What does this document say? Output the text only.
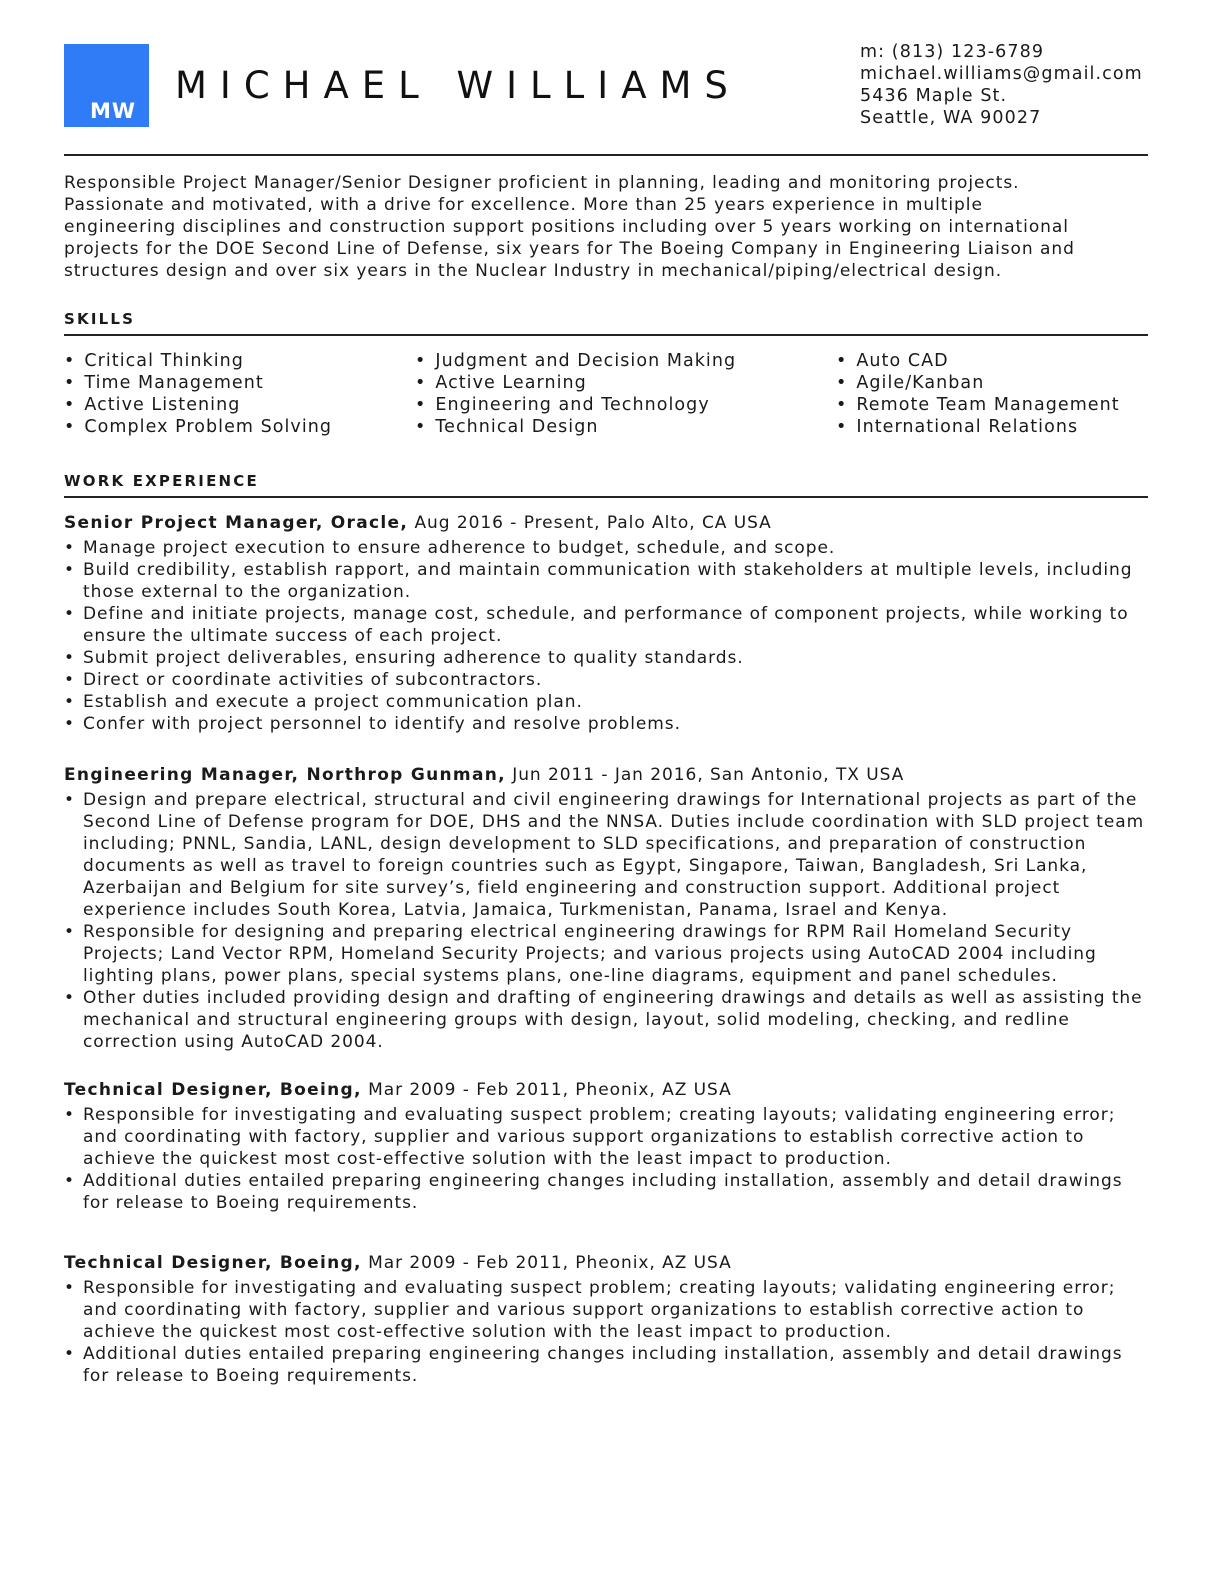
MW
MICHAEL WILLIAMS
m: (813) 123-6789
michael.williams@gmail.com
5436 Maple St.
Seattle, WA 90027
Responsible Project Manager/Senior Designer proficient in planning, leading and monitoring projects.
Passionate and motivated, with a drive for excellence. More than 25 years experience in multiple
engineering disciplines and construction support positions including over 5 years working on international
projects for the DOE Second Line of Defense, six years for The Boeing Company in Engineering Liaison and
structures design and over six years in the Nuclear Industry in mechanical/piping/electrical design.
SKILLS
• Critical Thinking
• Time Management
• Active Listening
• Complex Problem Solving
• Judgment and Decision Making
• Active Learning
• Engineering and Technology
• Technical Design
• Auto CAD
• Agile/Kanban
• Remote Team Management
• International Relations
WORK EXPERIENCE
Senior Project Manager, Oracle, Aug 2016 - Present, Palo Alto, CA USA
• Manage project execution to ensure adherence to budget, schedule, and scope.
• Build credibility, establish rapport, and maintain communication with stakeholders at multiple levels, including those external to the organization.
• Define and initiate projects, manage cost, schedule, and performance of component projects, while working to ensure the ultimate success of each project.
• Submit project deliverables, ensuring adherence to quality standards.
• Direct or coordinate activities of subcontractors.
• Establish and execute a project communication plan.
• Confer with project personnel to identify and resolve problems.
Engineering Manager, Northrop Gunman, Jun 2011 - Jan 2016, San Antonio, TX USA
• Design and prepare electrical, structural and civil engineering drawings for International projects as part of the Second Line of Defense program for DOE, DHS and the NNSA. Duties include coordination with SLD project team including; PNNL, Sandia, LANL, design development to SLD specifications, and preparation of construction documents as well as travel to foreign countries such as Egypt, Singapore, Taiwan, Bangladesh, Sri Lanka, Azerbaijan and Belgium for site survey’s, field engineering and construction support. Additional project experience includes South Korea, Latvia, Jamaica, Turkmenistan, Panama, Israel and Kenya.
• Responsible for designing and preparing electrical engineering drawings for RPM Rail Homeland Security Projects; Land Vector RPM, Homeland Security Projects; and various projects using AutoCAD 2004 including lighting plans, power plans, special systems plans, one-line diagrams, equipment and panel schedules.
• Other duties included providing design and drafting of engineering drawings and details as well as assisting the mechanical and structural engineering groups with design, layout, solid modeling, checking, and redline correction using AutoCAD 2004.
Technical Designer, Boeing, Mar 2009 - Feb 2011, Pheonix, AZ USA
• Responsible for investigating and evaluating suspect problem; creating layouts; validating engineering error; and coordinating with factory, supplier and various support organizations to establish corrective action to achieve the quickest most cost-effective solution with the least impact to production.
• Additional duties entailed preparing engineering changes including installation, assembly and detail drawings for release to Boeing requirements.
Technical Designer, Boeing, Mar 2009 - Feb 2011, Pheonix, AZ USA
• Responsible for investigating and evaluating suspect problem; creating layouts; validating engineering error; and coordinating with factory, supplier and various support organizations to establish corrective action to achieve the quickest most cost-effective solution with the least impact to production.
• Additional duties entailed preparing engineering changes including installation, assembly and detail drawings for release to Boeing requirements.
